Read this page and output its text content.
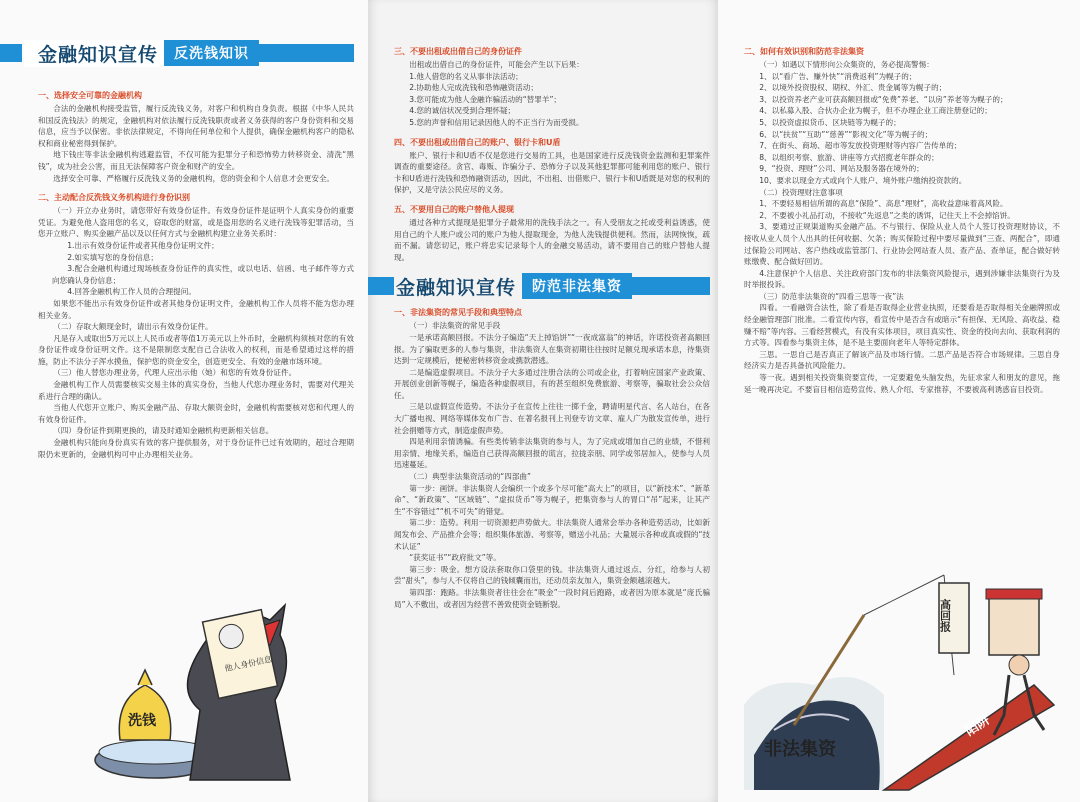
金融知识宣传	反洗钱知识
一、选择安全可靠的金融机构

合法的金融机构接受监管，履行反洗钱义务，对客户和机构自身负责。根据《中华人民共和国反洗钱法》的规定，金融机构对依法履行反洗钱职责或者义务获得的客户身份资料和交易信息，应当予以保密。非依法律规定，不得向任何单位和个人提供，确保金融机构客户的隐私权和商业秘密得到保护。

地下钱庄等非法金融机构逃避监管，不仅可能为犯罪分子和恐怖势力转移资金、清洗“黑钱”，成为社会公害，而且无法保障客户资金和财产的安全。

选择安全可靠、严格履行反洗钱义务的金融机构，您的资金和个人信息才会更安全。

二、主动配合反洗钱义务机构进行身份识别

（一）开立办业务时，请您带好有效身份证件。有效身份证件是证明个人真实身份的重要凭证。为避免他人盗用您的名义，窃取您的财富，或是盗用您的名义进行洗钱等犯罪活动，当您开立账户、购买金融产品以及以任何方式与金融机构建立业务关系时：

1.出示有效身份证件或者其他身份证明文件；

2.如实填写您的身份信息；

3.配合金融机构通过现场核查身份证件的真实性，或以电话、信函、电子邮件等方式向您确认身份信息；

4.回答金融机构工作人员的合理提问。

如果您不能出示有效身份证件或者其他身份证明文件，金融机构工作人员将不能为您办理相关业务。

（二）存取大额现金时，请出示有效身份证件。

凡是存入或取出5万元以上人民币或者等值1万美元以上外币时，金融机构须核对您的有效身份证件或身份证明文件。这不是限制您支配自己合法收入的权利，而是希望通过这样的措施，防止不法分子浑水摸鱼，保护您的资金安全，创造更安全、有效的金融市场环境。

（三）他人替您办理业务，代理人应出示他（她）和您的有效身份证件。

金融机构工作人员需要核实交易主体的真实身份，当他人代您办理业务时，需要对代理关系进行合理的确认。

当他人代您开立账户、购买金融产品、存取大额资金时，金融机构需要核对您和代理人的有效身份证件。

（四）身份证件到期更换的，请及时通知金融机构更新相关信息。

金融机构只能向身份真实有效的客户提供服务，对于身份证件已过有效期的，超过合理期限仍未更新的，金融机构可中止办理相关业务。

洗钱
他人身份信息
三、不要出租或出借自己的身份证件

出租或出借自己的身份证件，可能会产生以下后果：

1.他人借您的名义从事非法活动；

2.协助他人完成洗钱和恐怖融资活动；

3.您可能成为他人金融诈骗活动的“替罪羊”；

4.您的诚信状况受到合理怀疑；

5.您的声誉和信用记录因他人的不正当行为而受损。

四、不要出租或出借自己的账户、银行卡和U盾

账户、银行卡和U盾不仅是您进行交易的工具，也是国家进行反洗钱资金监测和犯罪案件调查的重要途径。贪官、毒贩、诈骗分子、恐怖分子以及其他犯罪都可能利用您的账户、银行卡和U盾进行洗钱和恐怖融资活动，因此，不出租、出借账户、银行卡和U盾既是对您的权利的保护，又是守法公民应尽的义务。

五、不要用自己的账户替他人提现

通过各种方式提现是犯罪分子最常用的洗钱手法之一。有人受朋友之托或受利益诱惑，使用自己的个人账户或公司的账户为他人提取现金，为他人洗钱提供便利。然而，法网恢恢，疏而不漏。请您切记，账户将忠实记录每个人的金融交易活动，请不要用自己的账户替他人提现。

金融知识宣传	防范非法集资
一、非法集资的常见手段和典型特点

（一）非法集资的常见手段

一是承诺高额回报。不法分子编造“天上掉馅饼”“一夜成富翁”的神话，许诺投资者高额回报。为了骗取更多的人参与集资，非法集资人在集资初期往往按时足额兑现承诺本息，待集资达到一定规模后，便秘密转移资金或携款潜逃。

二是编造虚假项目。不法分子大多通过注册合法的公司或企业，打着响应国家产业政策、开展创业创新等幌子，编造各种虚假项目，有的甚至组织免费旅游、考察等，骗取社会公众信任。

三是以虚假宣传造势。不法分子在宣传上往往一掷千金，聘请明星代言、名人站台，在各大广播电视、网络等媒体发布广告、在著名报刊上刊登专访文章、雇人广为散发宣传单，进行社会捐赠等方式，制造虚假声势。

四是利用亲情诱骗。有些类传销非法集资的参与人，为了完成或增加自己的业绩，不惜利用亲情、地缘关系，编造自己获得高额回报的谎言，拉拢亲朋、同学或邻居加入，使参与人员迅速蔓延。

（二）典型非法集资活动的“四部曲”

第一步：画饼。非法集资人会编织一个或多个尽可能“高大上”的项目，以“新技术”、“新革命”、“新政策”、“区域链”、“虚拟货币”等为幌子，把集资参与人的胃口“吊”起来，让其产生“不容错过”“机不可失”的错觉。

第二步：造势。利用一切资源把声势做大。非法集资人通常会举办各种造势活动，比如新闻发布会、产品推介会等；组织集体旅游、考察等，赠送小礼品；大量展示各种或真或假的“技术认证”

“获奖证书”“政府批文”等。

第三步：吸金。想方设法套取你口袋里的钱。非法集资人通过返点、分红，给参与人初尝“甜头”，参与人不仅将自己的钱倾囊而出，还动员亲友加入，集资金额越滚越大。

第四部：跑路。非法集资者往往会在“吸金”一段时间后跑路，或者因为原本就是“庞氏骗局”入不敷出，或者因为经营不善致使资金链断裂。

二、如何有效识别和防范非法集资

（一）如遇以下情形向公众集资的，务必提高警惕：

1、以“看广告、赚外快”“消费返利”为幌子的；

2、以境外投资股权、期权、外汇、贵金属等为幌子的；

3、以投资养老产业可获高额回报或“免费”养老、“以房”养老等为幌子的；

4、以私募入股、合伙办企业为幌子，但不办理企业工商注册登记的；

5、以投资虚拟货币、区块链等为幌子的；

6、以“扶贫”“互助”“慈善”“影视文化”等为幌子的；

7、在街头、商场、超市等发放投资理财等内容广告传单的；

8、以组织考察、旅游、讲座等方式招揽老年群众的；

9、“投资、理财”公司、网站及服务器在境外的；

10、要求以现金方式或向个人账户、境外账户缴纳投资款的。

（二）投资理财注意事项

1、不要轻易相信所谓的高息“保险”、高息“理财”，高收益意味着高风险。

2、不要被小礼品打动，不接收“先返息”之类的诱饵，记住天上不会掉馅饼。

3、要通过正规渠道购买金融产品。不与银行、保险从业人员个人签订投资理财协议，不接收从业人员个人出具的任何收据、欠条；购买保险过程中要尽量做到“三查、两配合”，即通过保险公司网站、客户热线或监管部门、行业协会网站查人员、查产品、查单证，配合做好转账缴费、配合做好回访。

4.注意保护个人信息、关注政府部门发布的非法集资风险提示，遇到涉嫌非法集资行为及时举报投诉。

（三）防范非法集资的“四看三思等一夜”法

四看。一看融资合法性，除了看是否取得企业营业执照，还要看是否取得相关金融牌照或经金融管理部门批准。二看宣传内容，看宣传中是否含有或暗示“有担保、无风险、高收益、稳赚不赔”等内容。三看经营模式，有没有实体项目，项目真实性、资金的投向去向、获取利润的方式等。四看参与集资主体，是不是主要面向老年人等特定群体。

三思。一思自己是否真正了解该产品及市场行情。二思产品是否符合市场规律。三思自身经济实力是否具备抗风险能力。

等一夜。遇到相关投资集资要宣传，一定要避免头脑发热，先征求家人和朋友的意见，拖延一晚再决定。不要盲目相信造势宣传、熟人介绍、专家推荐，不要被高利诱惑盲目投资。

高回报
陷阱
非法集资
